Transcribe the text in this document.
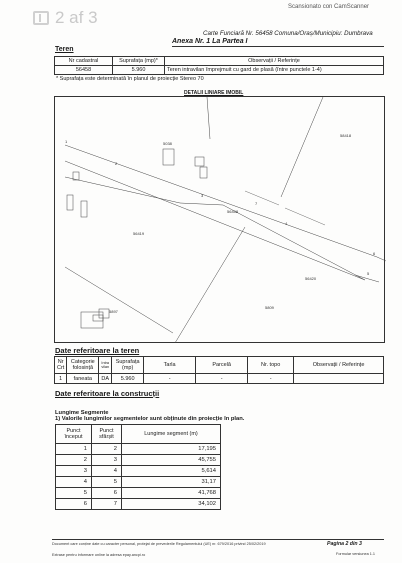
2 af 3
Scansionato con CamScanner
Carte Funciară Nr. 56458 Comuna/Oraș/Municipiu: Dumbrava
Anexa Nr. 1 La Partea I
Teren
Nr cadastral	Suprafața (mp)*	Observații / Referințe
56458	5.960	Teren intravilan împrejmuit cu gard de plasă (între punctele 1-4)
* Suprafața este determinată în planul de proiecție Stereo 70
DETALII LINIARE IMOBIL
56458
5038
58418
56419
56420
5809
5897
1
2
3
4
5
6
7
Date referitoare la teren
Nr Crt	Categorie folosință	Intra vilan	Suprafața (mp)	Tarla	Parcelă	Nr. topo	Observații / Referințe
1	faneata	DA	5.960	-	-	-	
Date referitoare la construcții
Lungime Segmente
1) Valorile lungimilor segmentelor sunt obținute din proiecție în plan.
Punct început	Punct sfârșit	Lungime segment (m)
1	2	17,195
2	3	45,755
3	4	5,614
4	5	31,17
5	6	41,768
6	7	34,102
Document care conține date cu caracter personal, protejat de prevederile Regulamentului (UE) nr. 679/2016 privind 25/02/2019
Extrase pentru informare online la adresa epay.ancpi.ro
Pagina 2 din 3
Formular versiunea 1.1
